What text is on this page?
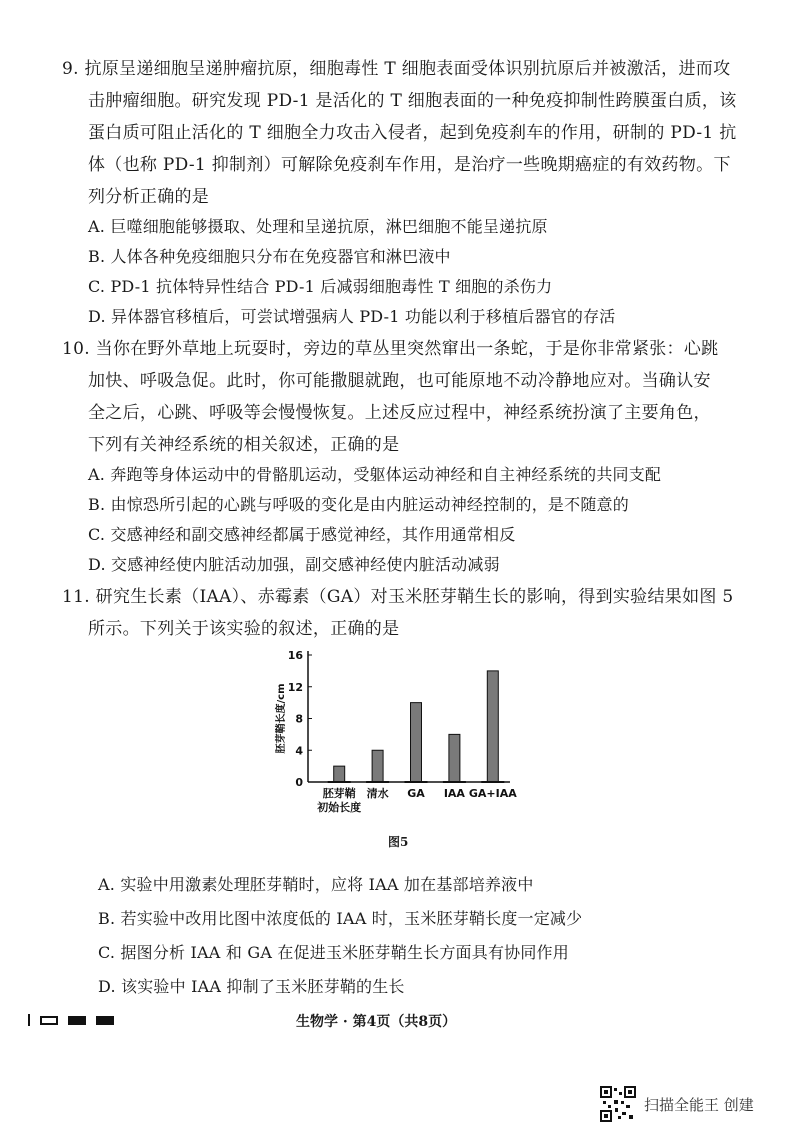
9. 抗原呈递细胞呈递肿瘤抗原，细胞毒性 T 细胞表面受体识别抗原后并被激活，进而攻
击肿瘤细胞。研究发现 PD-1 是活化的 T 细胞表面的一种免疫抑制性跨膜蛋白质，该
蛋白质可阻止活化的 T 细胞全力攻击入侵者，起到免疫刹车的作用，研制的 PD-1 抗
体（也称 PD-1 抑制剂）可解除免疫刹车作用，是治疗一些晚期癌症的有效药物。下
列分析正确的是
A. 巨噬细胞能够摄取、处理和呈递抗原，淋巴细胞不能呈递抗原
B. 人体各种免疫细胞只分布在免疫器官和淋巴液中
C. PD-1 抗体特异性结合 PD-1 后减弱细胞毒性 T 细胞的杀伤力
D. 异体器官移植后，可尝试增强病人 PD-1 功能以利于移植后器官的存活
10. 当你在野外草地上玩耍时，旁边的草丛里突然窜出一条蛇，于是你非常紧张：心跳
加快、呼吸急促。此时，你可能撒腿就跑，也可能原地不动冷静地应对。当确认安
全之后，心跳、呼吸等会慢慢恢复。上述反应过程中，神经系统扮演了主要角色，
下列有关神经系统的相关叙述，正确的是
A. 奔跑等身体运动中的骨骼肌运动，受躯体运动神经和自主神经系统的共同支配
B. 由惊恐所引起的心跳与呼吸的变化是由内脏运动神经控制的，是不随意的
C. 交感神经和副交感神经都属于感觉神经，其作用通常相反
D. 交感神经使内脏活动加强，副交感神经使内脏活动减弱
11. 研究生长素（IAA）、赤霉素（GA）对玉米胚芽鞘生长的影响，得到实验结果如图 5
所示。下列关于该实验的叙述，正确的是
0
4
8
12
16
胚芽鞘长度/cm
胚芽鞘
初始长度
清水 GA IAA GA+IAA
图5
A. 实验中用激素处理胚芽鞘时，应将 IAA 加在基部培养液中
B. 若实验中改用比图中浓度低的 IAA 时，玉米胚芽鞘长度一定减少
C. 据图分析 IAA 和 GA 在促进玉米胚芽鞘生长方面具有协同作用
D. 该实验中 IAA 抑制了玉米胚芽鞘的生长
生物学 · 第4页（共8页）
扫描全能王 创建
